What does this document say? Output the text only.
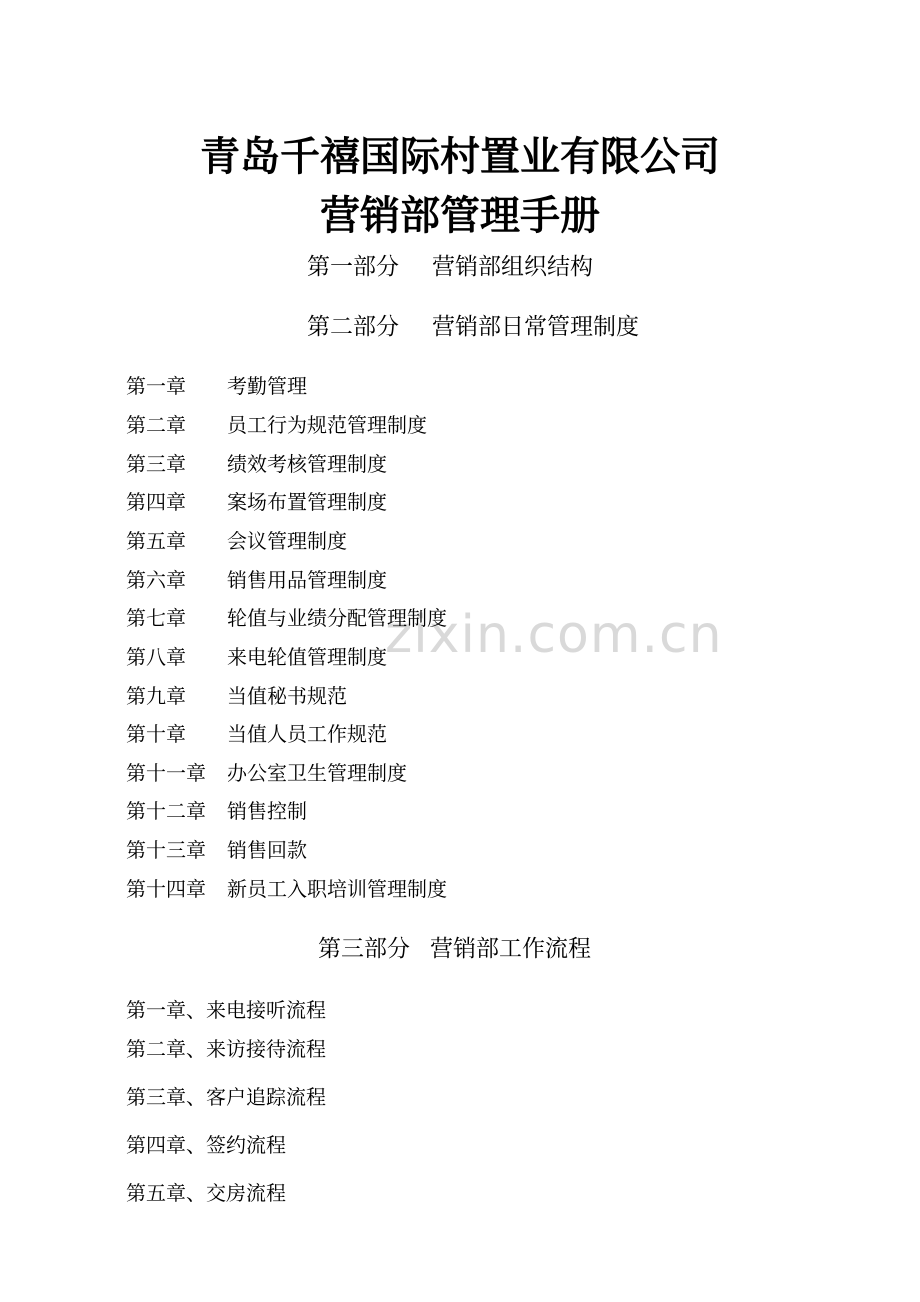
zixin.com.cn
青岛千禧国际村置业有限公司
营销部管理手册
第一部分 营销部组织结构
第二部分 营销部日常管理制度
第一章 考勤管理
第二章 员工行为规范管理制度
第三章 绩效考核管理制度
第四章 案场布置管理制度
第五章 会议管理制度
第六章 销售用品管理制度
第七章 轮值与业绩分配管理制度
第八章 来电轮值管理制度
第九章 当值秘书规范
第十章 当值人员工作规范
第十一章 办公室卫生管理制度
第十二章 销售控制
第十三章 销售回款
第十四章 新员工入职培训管理制度
第三部分 营销部工作流程
第一章、来电接听流程
第二章、来访接待流程
第三章、客户追踪流程
第四章、签约流程
第五章、交房流程
